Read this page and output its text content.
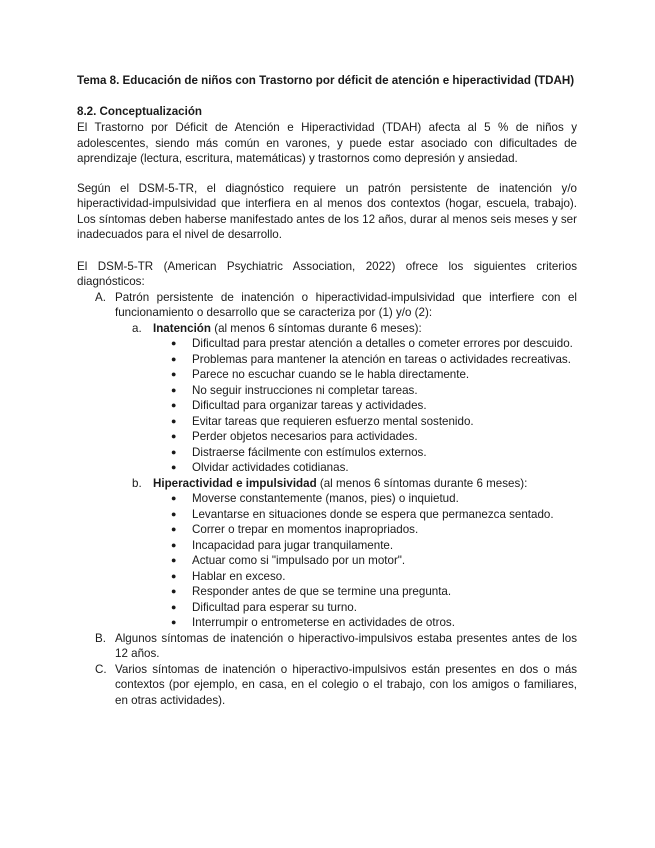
Tema 8. Educación de niños con Trastorno por déficit de atención e hiperactividad (TDAH)

8.2. Conceptualización

El Trastorno por Déficit de Atención e Hiperactividad (TDAH) afecta al 5 % de niños y adolescentes, siendo más común en varones, y puede estar asociado con dificultades de aprendizaje (lectura, escritura, matemáticas) y trastornos como depresión y ansiedad.

Según el DSM-5-TR, el diagnóstico requiere un patrón persistente de inatención y/o hiperactividad-impulsividad que interfiera en al menos dos contextos (hogar, escuela, trabajo). Los síntomas deben haberse manifestado antes de los 12 años, durar al menos seis meses y ser inadecuados para el nivel de desarrollo.

El DSM-5-TR (American Psychiatric Association, 2022) ofrece los siguientes criterios diagnósticos:

A. Patrón persistente de inatención o hiperactividad-impulsividad que interfiere con el funcionamiento o desarrollo que se caracteriza por (1) y/o (2):
a. Inatención (al menos 6 síntomas durante 6 meses):
● Dificultad para prestar atención a detalles o cometer errores por descuido.
● Problemas para mantener la atención en tareas o actividades recreativas.
● Parece no escuchar cuando se le habla directamente.
● No seguir instrucciones ni completar tareas.
● Dificultad para organizar tareas y actividades.
● Evitar tareas que requieren esfuerzo mental sostenido.
● Perder objetos necesarios para actividades.
● Distraerse fácilmente con estímulos externos.
● Olvidar actividades cotidianas.
b. Hiperactividad e impulsividad (al menos 6 síntomas durante 6 meses):
● Moverse constantemente (manos, pies) o inquietud.
● Levantarse en situaciones donde se espera que permanezca sentado.
● Correr o trepar en momentos inapropriados.
● Incapacidad para jugar tranquilamente.
● Actuar como si "impulsado por un motor".
● Hablar en exceso.
● Responder antes de que se termine una pregunta.
● Dificultad para esperar su turno.
● Interrumpir o entrometerse en actividades de otros.
B. Algunos síntomas de inatención o hiperactivo-impulsivos estaba presentes antes de los 12 años.
C. Varios síntomas de inatención o hiperactivo-impulsivos están presentes en dos o más contextos (por ejemplo, en casa, en el colegio o el trabajo, con los amigos o familiares, en otras actividades).
